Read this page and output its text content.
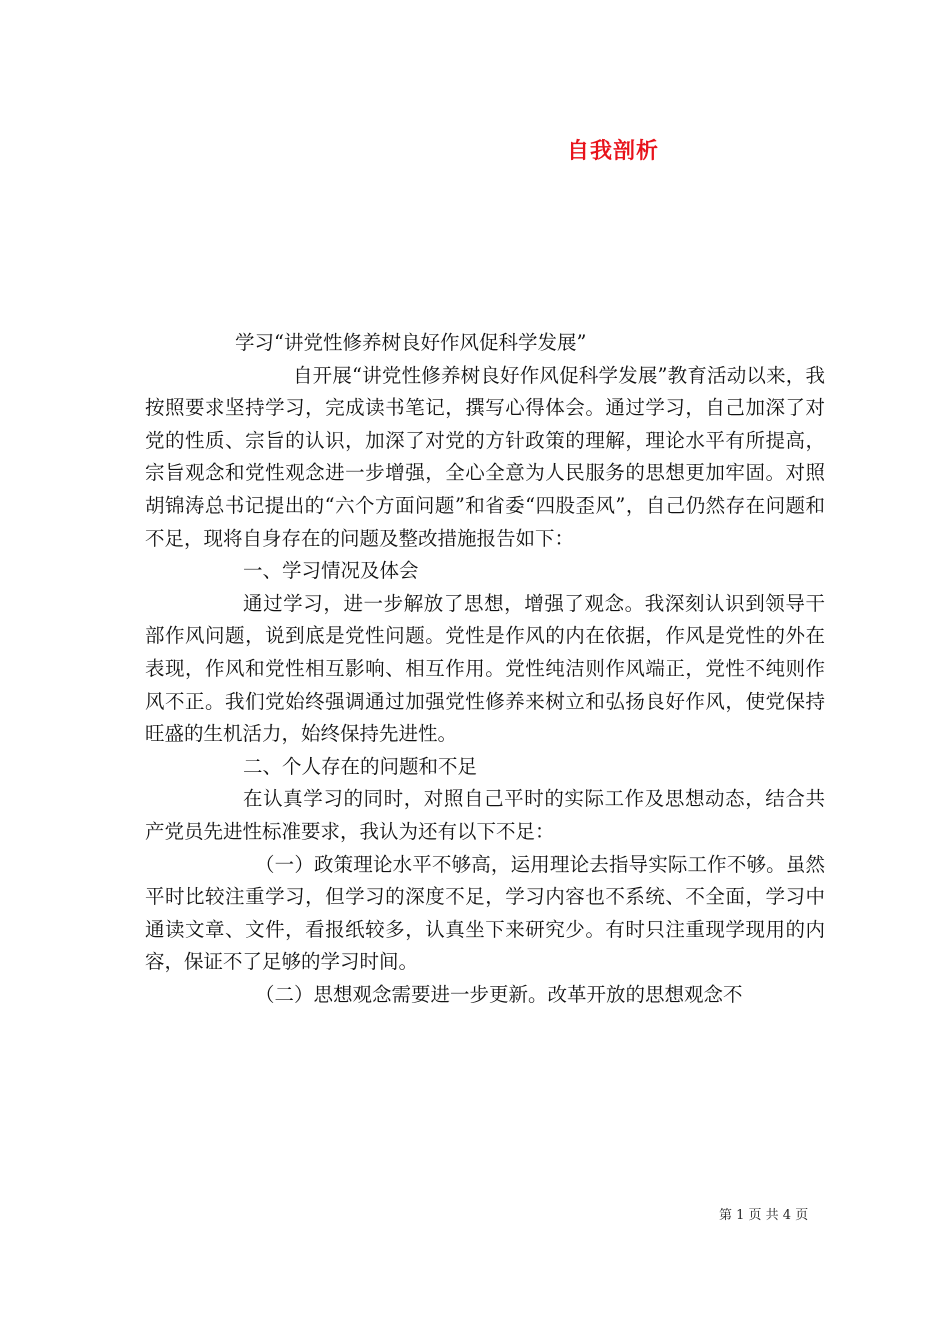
自我剖析

学习“讲党性修养树良好作风促科学发展”

自开展“讲党性修养树良好作风促科学发展”教育活动以来，我按照要求坚持学习，完成读书笔记，撰写心得体会。通过学习，自己加深了对党的性质、宗旨的认识，加深了对党的方针政策的理解，理论水平有所提高，宗旨观念和党性观念进一步增强，全心全意为人民服务的思想更加牢固。对照胡锦涛总书记提出的“六个方面问题”和省委“四股歪风”，自己仍然存在问题和不足，现将自身存在的问题及整改措施报告如下：

一、学习情况及体会

通过学习，进一步解放了思想，增强了观念。我深刻认识到领导干部作风问题，说到底是党性问题。党性是作风的内在依据，作风是党性的外在表现，作风和党性相互影响、相互作用。党性纯洁则作风端正，党性不纯则作风不正。我们党始终强调通过加强党性修养来树立和弘扬良好作风，使党保持旺盛的生机活力，始终保持先进性。

二、个人存在的问题和不足

在认真学习的同时，对照自己平时的实际工作及思想动态，结合共产党员先进性标准要求，我认为还有以下不足：

（一）政策理论水平不够高，运用理论去指导实际工作不够。虽然平时比较注重学习，但学习的深度不足，学习内容也不系统、不全面，学习中通读文章、文件，看报纸较多，认真坐下来研究少。有时只注重现学现用的内容，保证不了足够的学习时间。

（二）思想观念需要进一步更新。改革开放的思想观念不

第 1 页 共 4 页
